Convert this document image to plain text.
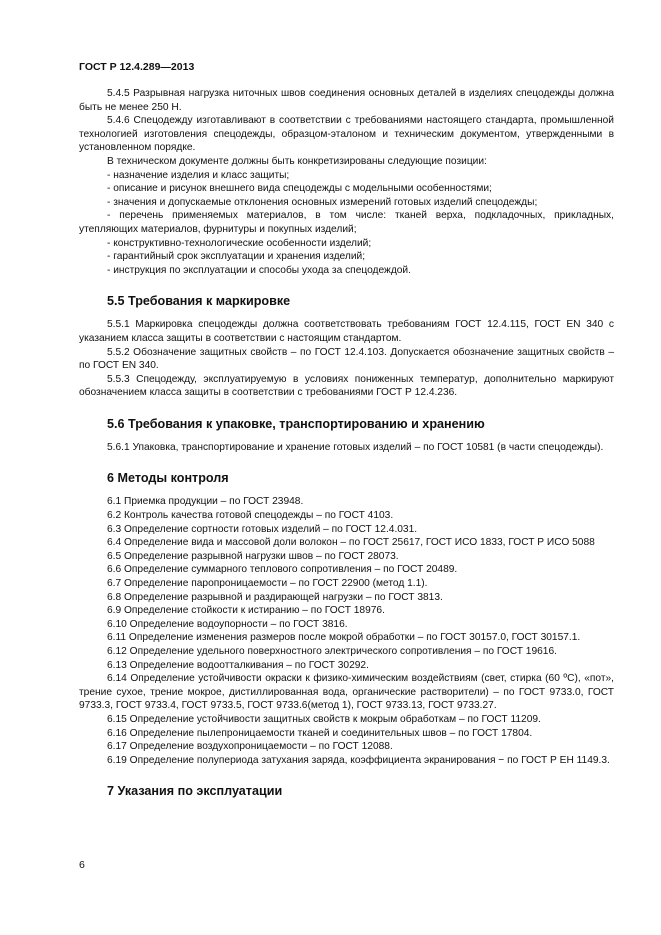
ГОСТ Р 12.4.289—2013

5.4.5 Разрывная нагрузка ниточных швов соединения основных деталей в изделиях спецодежды должна быть не менее 250 Н.

5.4.6 Спецодежду изготавливают в соответствии с требованиями настоящего стандарта, промышленной технологией изготовления спецодежды, образцом-эталоном и техническим документом, утвержденными в установленном порядке.

В техническом документе должны быть конкретизированы следующие позиции:

- назначение изделия и класс защиты;

- описание и рисунок внешнего вида спецодежды с модельными особенностями;

- значения и допускаемые отклонения основных измерений готовых изделий спецодежды;

- перечень применяемых материалов, в том числе: тканей верха, подкладочных, прикладных, утепляющих материалов, фурнитуры и покупных изделий;

- конструктивно-технологические особенности изделий;

- гарантийный срок эксплуатации и хранения изделий;

- инструкция по эксплуатации и способы ухода за спецодеждой.

5.5 Требования к маркировке

5.5.1 Маркировка спецодежды должна соответствовать требованиям ГОСТ 12.4.115, ГОСТ EN 340 с указанием класса защиты в соответствии с настоящим стандартом.

5.5.2 Обозначение защитных свойств – по ГОСТ 12.4.103. Допускается обозначение защитных свойств – по ГОСТ EN 340.

5.5.3 Спецодежду, эксплуатируемую в условиях пониженных температур, дополнительно маркируют обозначением класса защиты в соответствии с требованиями ГОСТ Р 12.4.236.

5.6 Требования к упаковке, транспортированию и хранению

5.6.1 Упаковка, транспортирование и хранение готовых изделий – по ГОСТ 10581 (в части спецодежды).

6 Методы контроля

6.1 Приемка продукции – по ГОСТ 23948.

6.2 Контроль качества готовой спецодежды – по ГОСТ 4103.

6.3 Определение сортности готовых изделий – по ГОСТ 12.4.031.

6.4 Определение вида и массовой доли волокон – по ГОСТ 25617, ГОСТ ИСО 1833, ГОСТ Р ИСО 5088

6.5 Определение разрывной нагрузки швов – по ГОСТ 28073.

6.6 Определение суммарного теплового сопротивления – по ГОСТ 20489.

6.7 Определение паропроницаемости – по ГОСТ 22900 (метод 1.1).

6.8 Определение разрывной и раздирающей нагрузки – по ГОСТ 3813.

6.9 Определение стойкости к истиранию – по ГОСТ 18976.

6.10 Определение водоупорности – по ГОСТ 3816.

6.11 Определение изменения размеров после мокрой обработки – по ГОСТ 30157.0, ГОСТ 30157.1.

6.12 Определение удельного поверхностного электрического сопротивления – по ГОСТ 19616.

6.13 Определение водоотталкивания – по ГОСТ 30292.

6.14 Определение устойчивости окраски к физико-химическим воздействиям (свет, стирка (60 ºС), «пот», трение сухое, трение мокрое, дистиллированная вода, органические растворители) – по ГОСТ 9733.0, ГОСТ 9733.3, ГОСТ 9733.4, ГОСТ 9733.5, ГОСТ 9733.6(метод 1), ГОСТ 9733.13, ГОСТ 9733.27.

6.15 Определение устойчивости защитных свойств к мокрым обработкам – по ГОСТ 11209.

6.16 Определение пылепроницаемости тканей и соединительных швов – по ГОСТ 17804.

6.17 Определение воздухопроницаемости – по ГОСТ 12088.

6.19 Определение полупериода затухания заряда, коэффициента экранирования − по ГОСТ Р ЕН 1149.3.

7 Указания по эксплуатации
6
